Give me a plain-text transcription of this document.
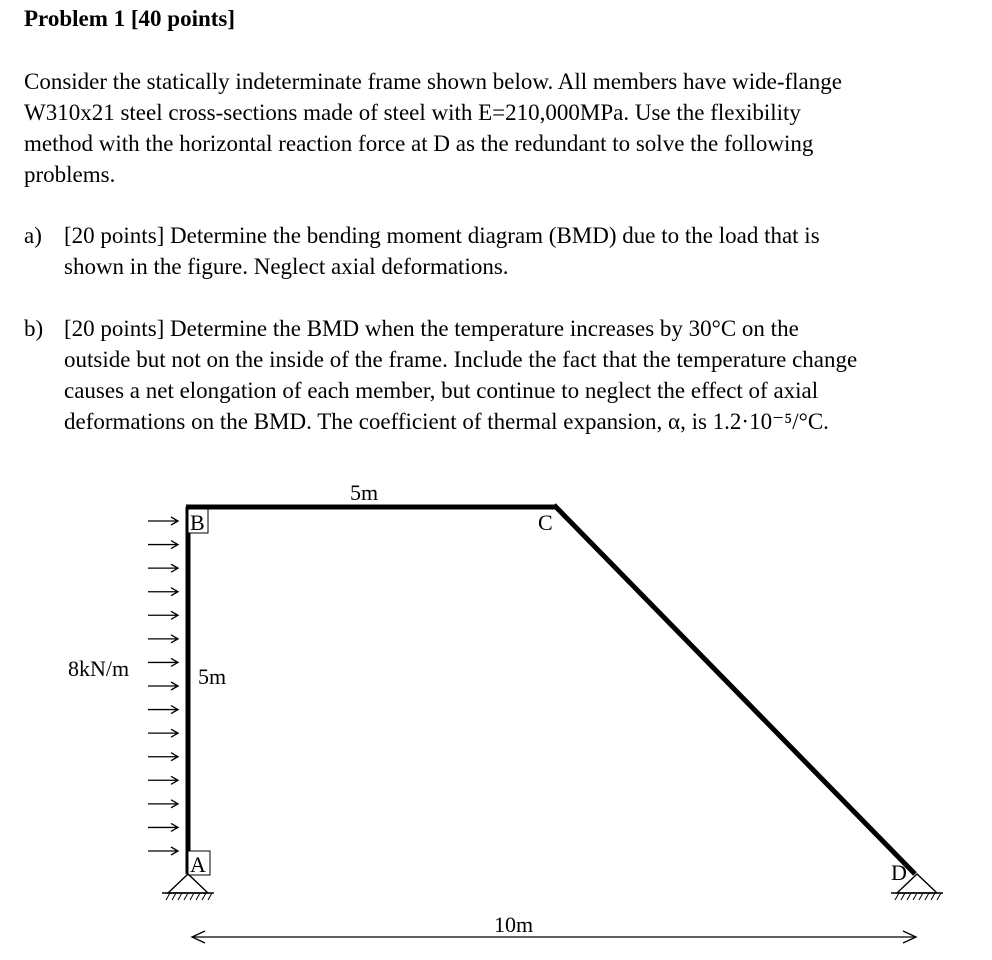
Problem 1 [40 points]
Consider the statically indeterminate frame shown below. All members have wide-flange
W310x21 steel cross-sections made of steel with E=210,000MPa. Use the flexibility
method with the horizontal reaction force at D as the redundant to solve the following
problems.
a) [20 points] Determine the bending moment diagram (BMD) due to the load that is
shown in the figure. Neglect axial deformations.
b) [20 points] Determine the BMD when the temperature increases by 30°C on the
outside but not on the inside of the frame. Include the fact that the temperature change
causes a net elongation of each member, but continue to neglect the effect of axial
deformations on the BMD. The coefficient of thermal expansion, α, is 1.2·10⁻⁵/°C.
B	C
A	D
5m
5m
10m
8kN/m
